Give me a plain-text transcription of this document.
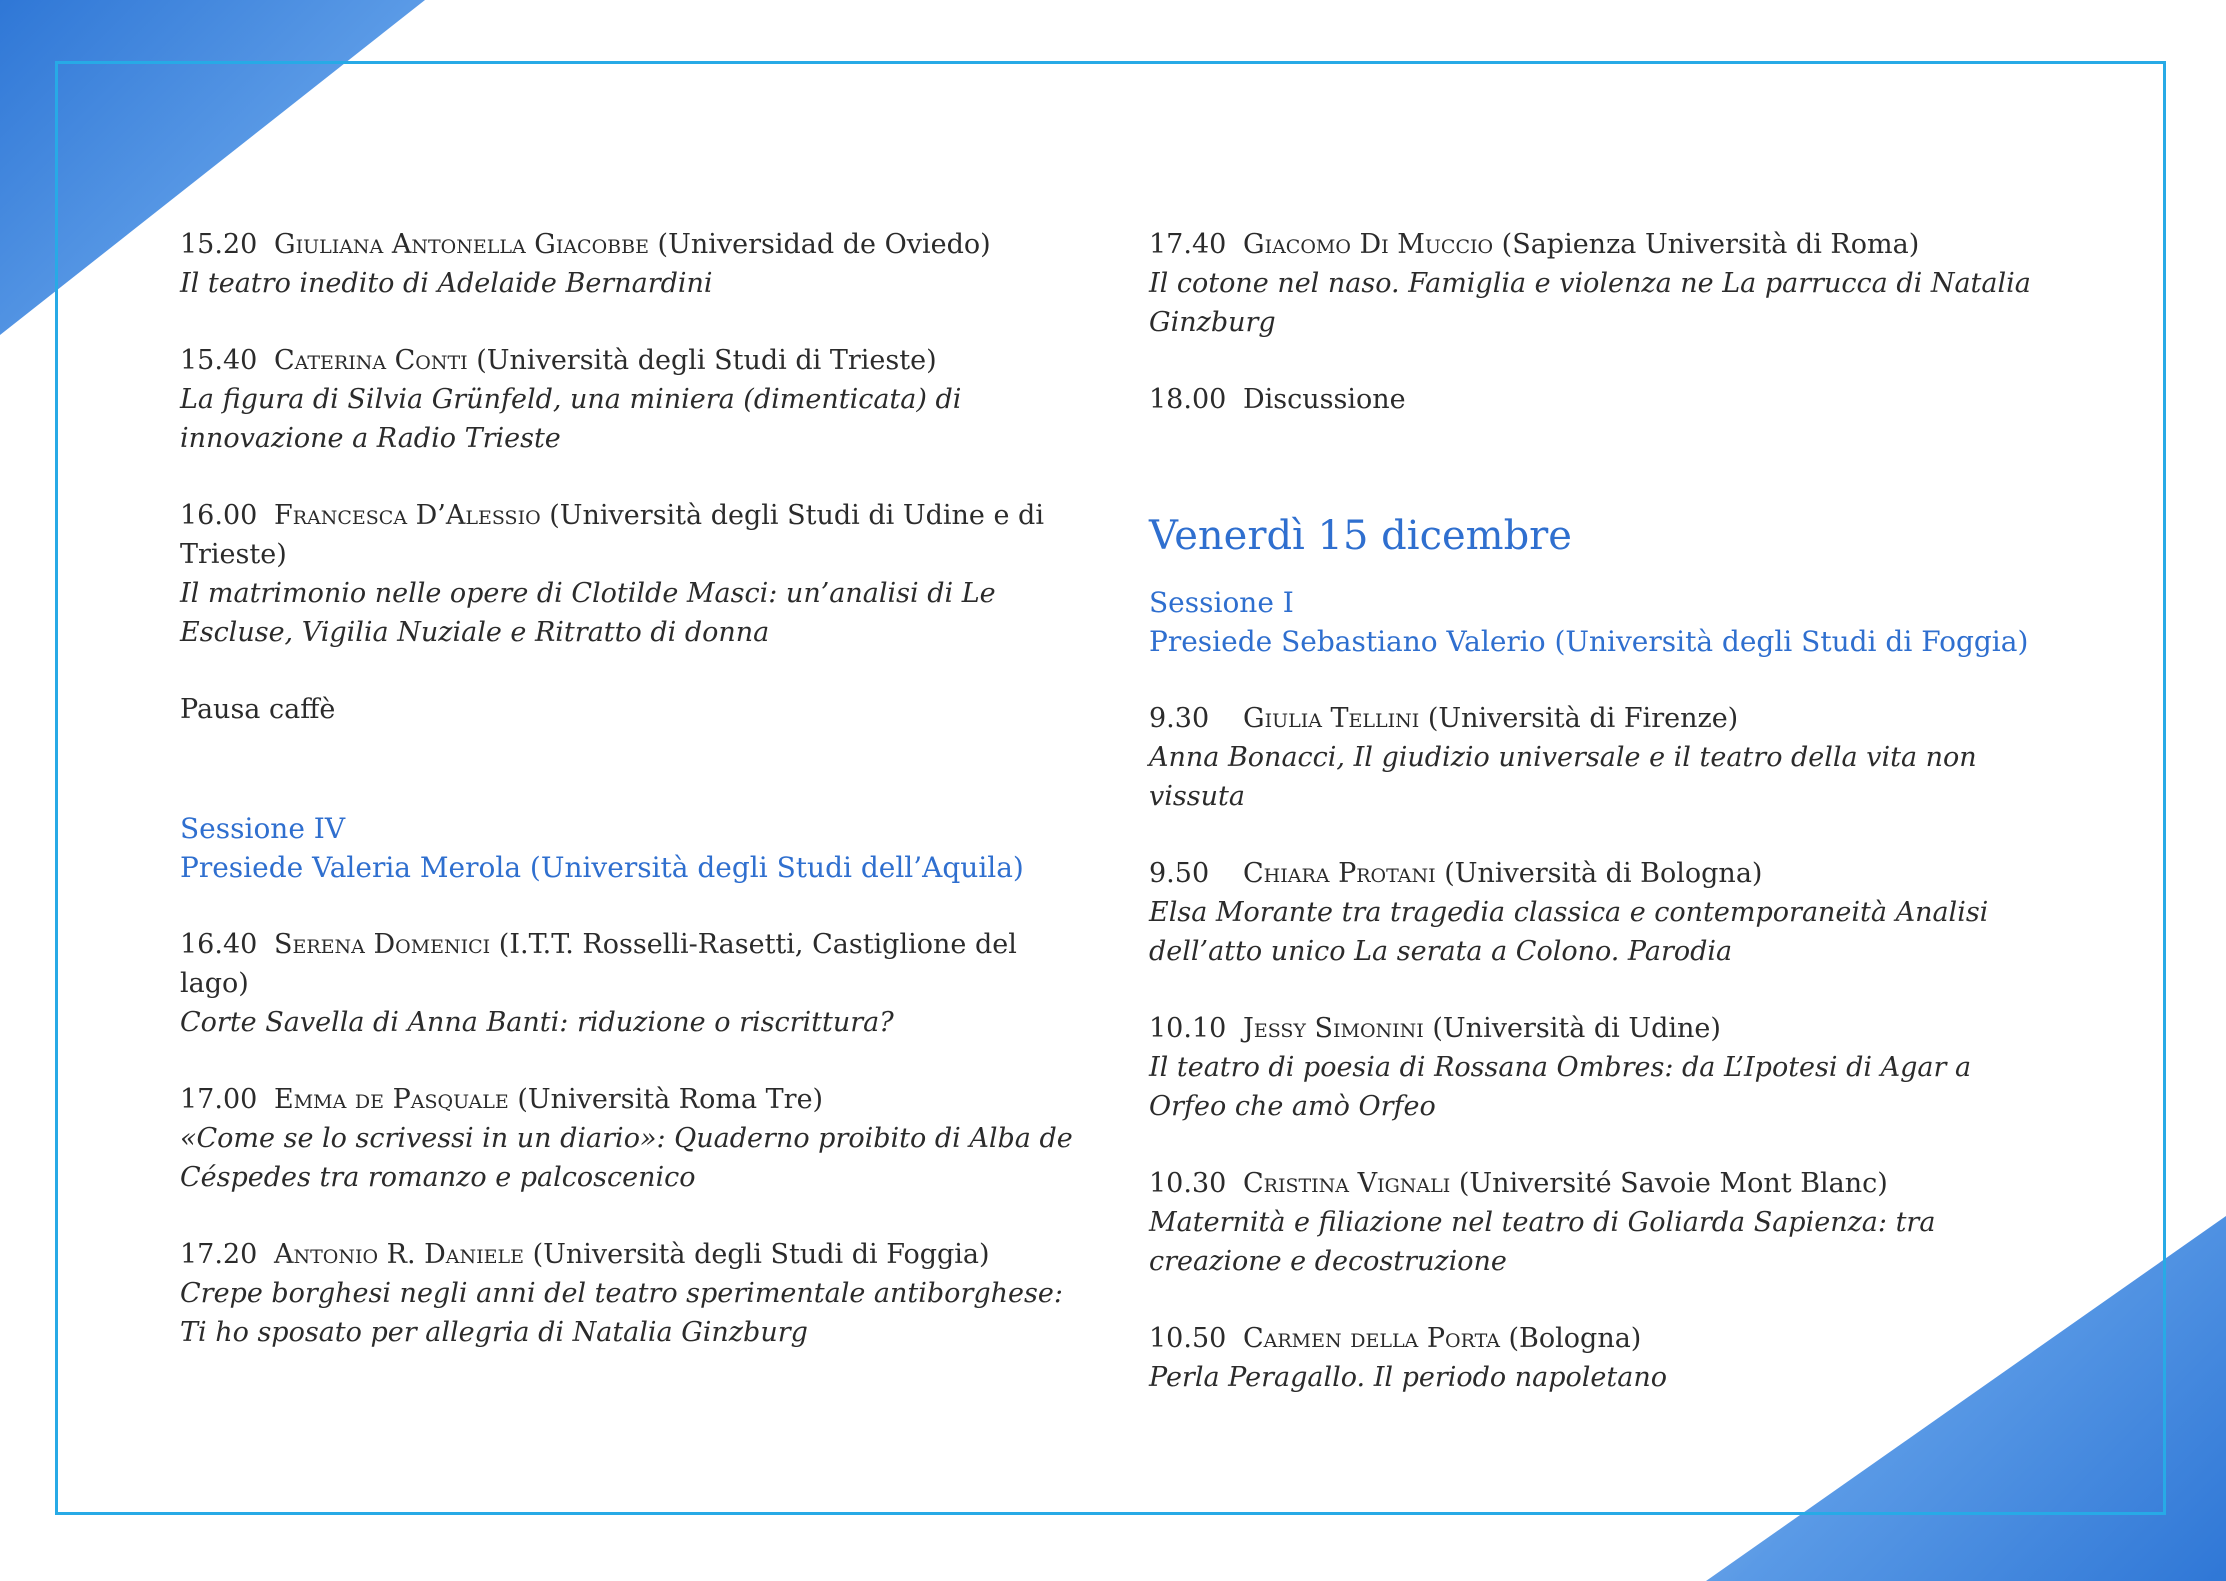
15.20 Giuliana Antonella Giacobbe (Universidad de Oviedo)
Il teatro inedito di Adelaide Bernardini
15.40 Caterina Conti (Università degli Studi di Trieste)
La figura di Silvia Grünfeld, una miniera (dimenticata) di innovazione a Radio Trieste
16.00 Francesca D’Alessio (Università degli Studi di Udine e di Trieste)
Il matrimonio nelle opere di Clotilde Masci: un’analisi di Le Escluse, Vigilia Nuziale e Ritratto di donna
Pausa caffè
Sessione IV
Presiede Valeria Merola (Università degli Studi dell’Aquila)
16.40 Serena Domenici (I.T.T. Rosselli-Rasetti, Castiglione del lago)
Corte Savella di Anna Banti: riduzione o riscrittura?
17.00 Emma de Pasquale (Università Roma Tre)
«Come se lo scrivessi in un diario»: Quaderno proibito di Alba de Céspedes tra romanzo e palcoscenico
17.20 Antonio R. Daniele (Università degli Studi di Foggia)
Crepe borghesi negli anni del teatro sperimentale antiborghese: Ti ho sposato per allegria di Natalia Ginzburg
17.40 Giacomo Di Muccio (Sapienza Università di Roma)
Il cotone nel naso. Famiglia e violenza ne La parrucca di Natalia Ginzburg
18.00 Discussione
Venerdì 15 dicembre
Sessione I
Presiede Sebastiano Valerio (Università degli Studi di Foggia)
9.30 Giulia Tellini (Università di Firenze)
Anna Bonacci, Il giudizio universale e il teatro della vita non vissuta
9.50 Chiara Protani (Università di Bologna)
Elsa Morante tra tragedia classica e contemporaneità Analisi dell’atto unico La serata a Colono. Parodia
10.10 Jessy Simonini (Università di Udine)
Il teatro di poesia di Rossana Ombres: da L’Ipotesi di Agar a Orfeo che amò Orfeo
10.30 Cristina Vignali (Université Savoie Mont Blanc)
Maternità e filiazione nel teatro di Goliarda Sapienza: tra creazione e decostruzione
10.50 Carmen della Porta (Bologna)
Perla Peragallo. Il periodo napoletano
